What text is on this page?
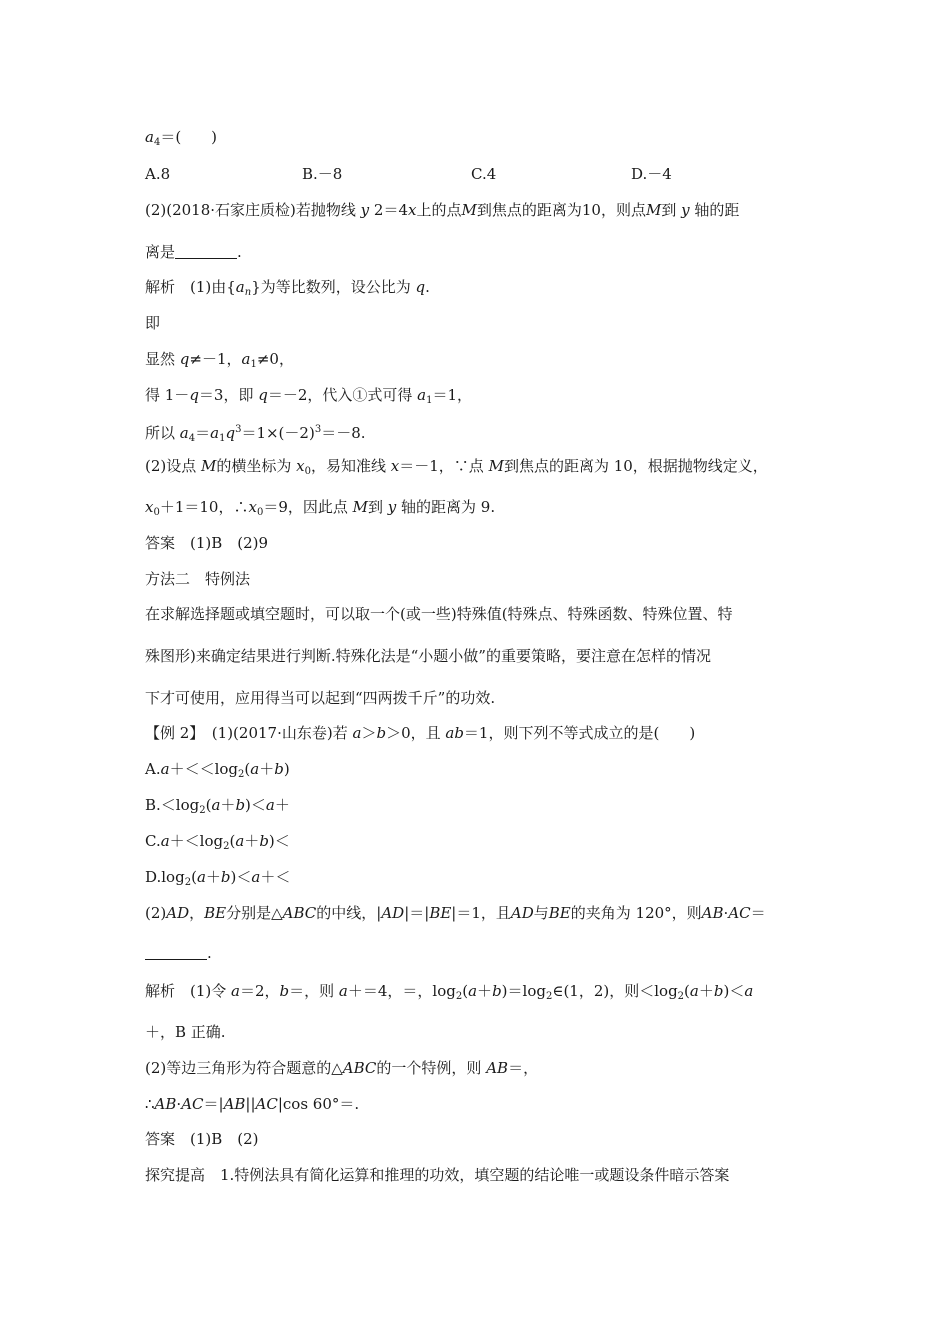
$a_4=$(　　)
A.8	B.－8	C.4	D.－4
(2)(2018·石家庄质检)若抛物线 y 2＝4x上的点M到焦点的距离为10，则点M到 y 轴的距
离是	.
解析　(1)由$\{a_n\}$为等比数列，设公比为 q.
即
显然 q≠－1，$a_1\ne 0$，
得 1－q＝3，即 q＝－2，代入①式可得 $a_1=1$，
所以 $a_4=a_1q^3=1\times(-2)^3=-8$.
(2)设点 M的横坐标为 $x_0$，易知准线 x＝－1，∵点 M到焦点的距离为 10，根据抛物线定义，
$x_0+1=10$，$\therefore x_0=9$，因此点 M到 y 轴的距离为 9.
答案　(1)B　(2)9
方法二　特例法
在求解选择题或填空题时，可以取一个(或一些)特殊值(特殊点、特殊函数、特殊位置、特
殊图形)来确定结果进行判断.特殊化法是“小题小做”的重要策略，要注意在怎样的情况
下才可使用，应用得当可以起到“四两拨千斤”的功效.
【例 2】　(1)(2017·山东卷)若 a＞b＞0，且 ab＝1，则下列不等式成立的是(　　)
$A.a+<<\log_2(a+b)$
$B.<\log_2(a+b)<a+$
$C.a+<\log_2(a+b)<$
$D.\log_2(a+b)<a+<$
(2)AD，BE分别是△ABC的中线，|AD|＝|BE|＝1，且AD与BE的夹角为 120°，则AB·AC＝
.
解析　(1)令 a＝2，b＝，则 a＋＝4，＝，$\log_2(a+b)=\log_2\in(1$，2)，则$<\log_2(a+b)<a$
＋，B 正确.
(2)等边三角形为符合题意的△ABC的一个特例，则 AB＝，
∴AB·AC＝|AB||AC|cos 60°＝.
答案　(1)B　(2)
探究提高　1.特例法具有简化运算和推理的功效，填空题的结论唯一或题设条件暗示答案
